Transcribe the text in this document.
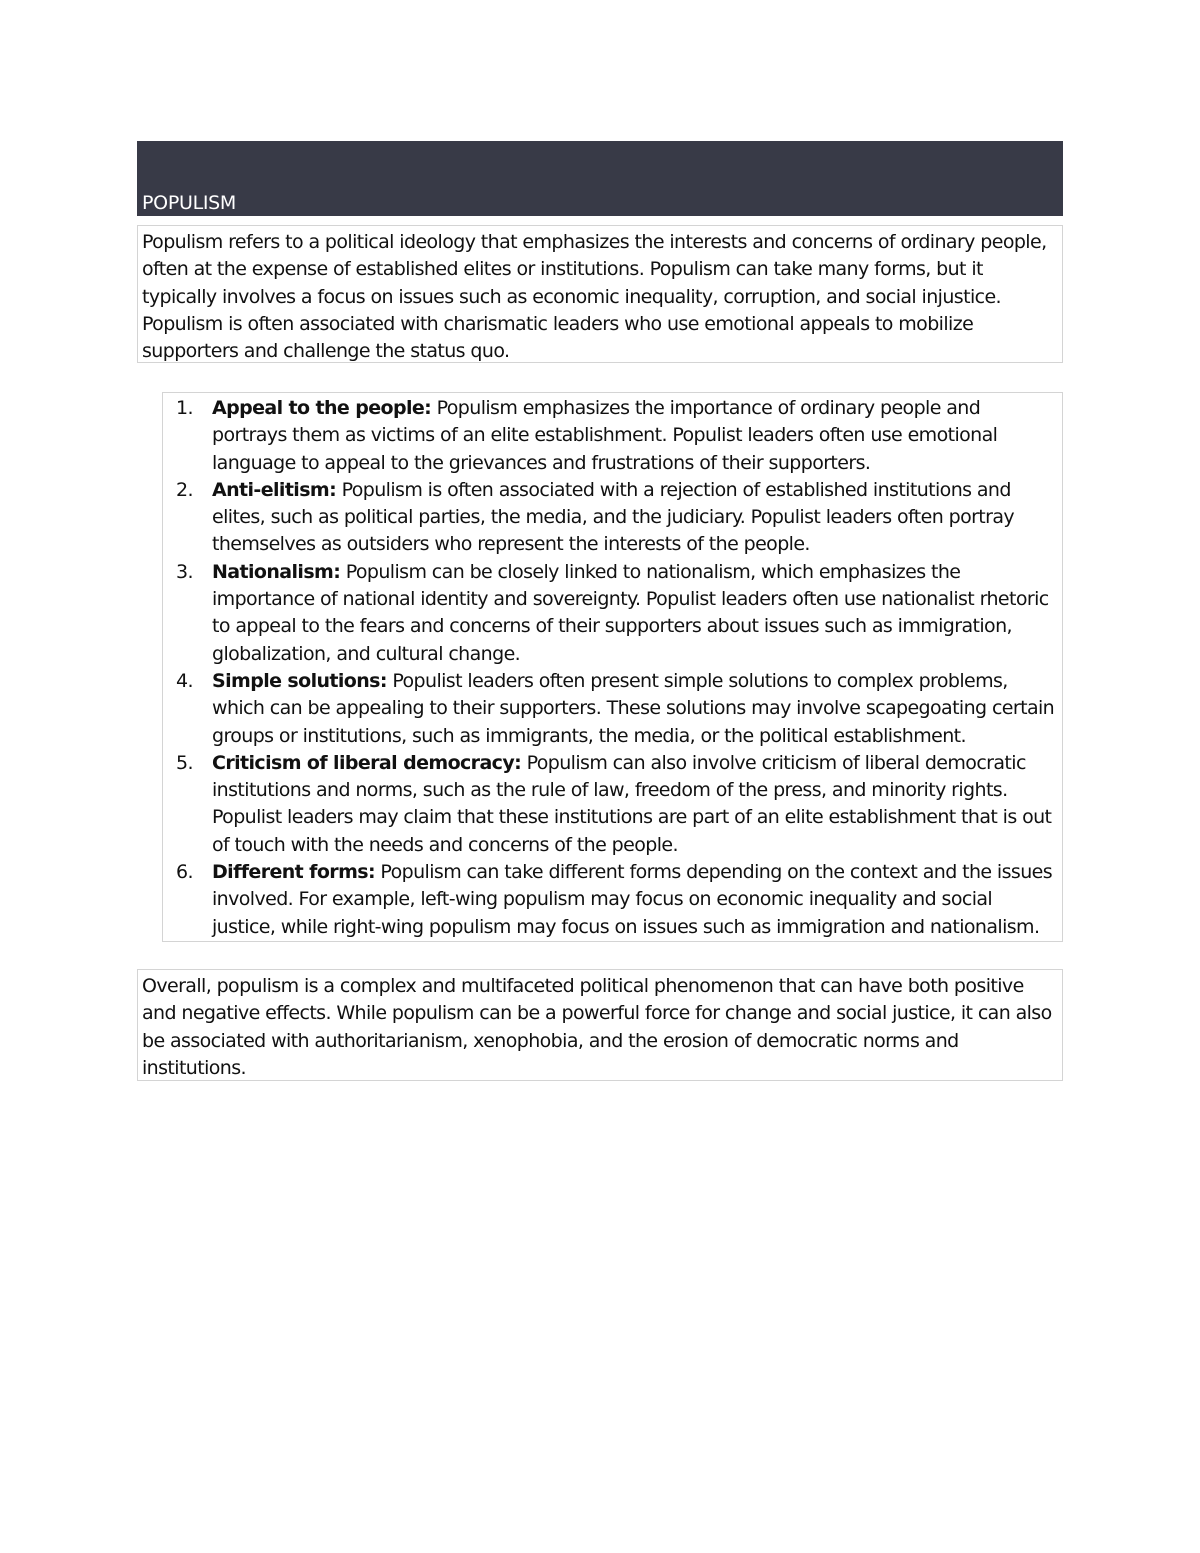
POPULISM
Populism refers to a political ideology that emphasizes the interests and concerns of ordinary people, often at the expense of established elites or institutions. Populism can take many forms, but it typically involves a focus on issues such as economic inequality, corruption, and social injustice. Populism is often associated with charismatic leaders who use emotional appeals to mobilize supporters and challenge the status quo.
1. Appeal to the people: Populism emphasizes the importance of ordinary people and portrays them as victims of an elite establishment. Populist leaders often use emotional language to appeal to the grievances and frustrations of their supporters.
2. Anti-elitism: Populism is often associated with a rejection of established institutions and elites, such as political parties, the media, and the judiciary. Populist leaders often portray themselves as outsiders who represent the interests of the people.
3. Nationalism: Populism can be closely linked to nationalism, which emphasizes the importance of national identity and sovereignty. Populist leaders often use nationalist rhetoric to appeal to the fears and concerns of their supporters about issues such as immigration, globalization, and cultural change.
4. Simple solutions: Populist leaders often present simple solutions to complex problems, which can be appealing to their supporters. These solutions may involve scapegoating certain groups or institutions, such as immigrants, the media, or the political establishment.
5. Criticism of liberal democracy: Populism can also involve criticism of liberal democratic institutions and norms, such as the rule of law, freedom of the press, and minority rights. Populist leaders may claim that these institutions are part of an elite establishment that is out of touch with the needs and concerns of the people.
6. Different forms: Populism can take different forms depending on the context and the issues involved. For example, left-wing populism may focus on economic inequality and social justice, while right-wing populism may focus on issues such as immigration and nationalism.
Overall, populism is a complex and multifaceted political phenomenon that can have both positive and negative effects. While populism can be a powerful force for change and social justice, it can also be associated with authoritarianism, xenophobia, and the erosion of democratic norms and institutions.
